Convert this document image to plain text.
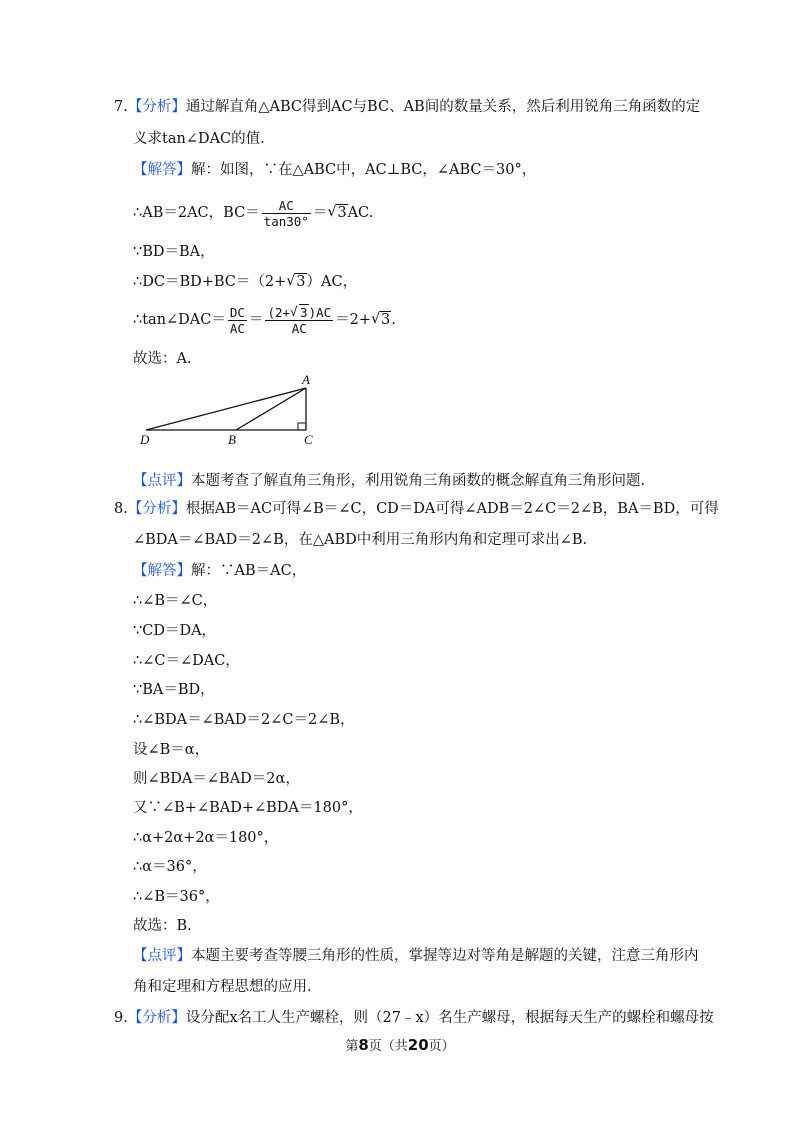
7.【分析】通过解直角△ABC得到AC与BC、AB间的数量关系，然后利用锐角三角函数的定
义求tan∠DAC的值.
【解答】解：如图，∵在△ABC中，AC⊥BC，∠ABC＝30°，
∴AB＝2AC，$BC= \frac{AC}{\tan 30^\circ}$ ＝√ 3AC.
∵BD＝BA，
∴DC＝BD+BC＝（2+√ 3）AC，
∴tan∠DAC＝ $\frac{DC}{AC} = \frac{(2+√ 3)AC}{AC} =2+√$ 3.
故选：A.
A
B	C
D
【点评】本题考查了解直角三角形，利用锐角三角函数的概念解直角三角形问题.
8.【分析】根据AB＝AC可得∠B＝∠C，CD＝DA可得∠ADB＝2∠C＝2∠B，BA＝BD，可得
∠BDA＝∠BAD＝2∠B，在△ABD中利用三角形内角和定理可求出∠B.
【解答】解：∵AB＝AC，
∴∠B＝∠C，
∵CD＝DA，
∴∠C＝∠DAC，
∵BA＝BD，
∴∠BDA＝∠BAD＝2∠C＝2∠B，
设∠B＝α，
则∠BDA＝∠BAD＝2α，
又∵∠B+∠BAD+∠BDA＝180°，
∴α+2α+2α＝180°，
∴α＝36°，
∴∠B＝36°，
故选：B.
【点评】本题主要考查等腰三角形的性质，掌握等边对等角是解题的关键，注意三角形内
角和定理和方程思想的应用.
9.【分析】设分配x名工人生产螺栓，则（27﹣x）名生产螺母，根据每天生产的螺栓和螺母按
第8页（共20页）
